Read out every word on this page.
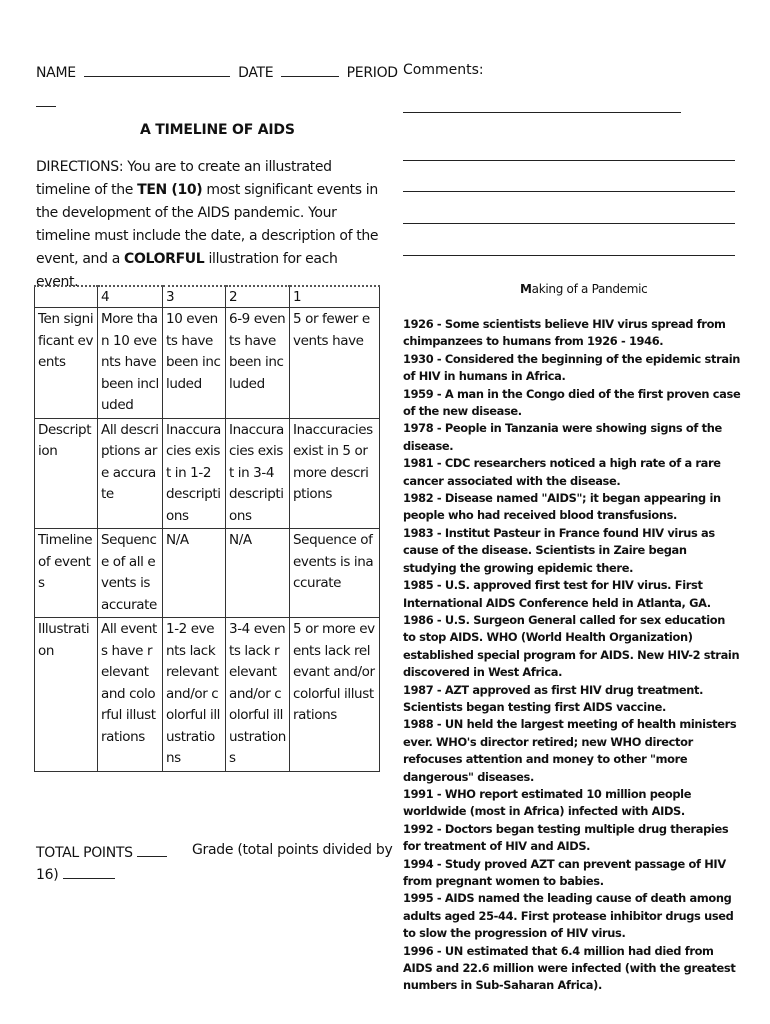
NAME	DATE	PERIOD
A TIMELINE OF AIDS
DIRECTIONS: You are to create an illustrated timeline of the TEN (10) most significant events in the development of the AIDS pandemic. Your timeline must include the date, a description of the event, and a COLORFUL illustration for each event.
	4	3	2	1
Ten significant events	More than 10 events have been included	10 events have been included	6-9 events have been included	5 or fewer events have
Description	All descriptions are accurate	Inaccuracies exist in 1-2 descriptions	Inaccuracies exist in 3-4 descriptions	Inaccuracies exist in 5 or more descriptions
Timeline of events	Sequence of all events is accurate	N/A	N/A	Sequence of events is inaccurate
Illustration	All events have relevant and colorful illustrations	1-2 events lack relevant and/or colorful illustrations	3-4 events lack relevant and/or colorful illustrations	5 or more events lack relevant and/or colorful illustrations
TOTAL POINTS
16)
Grade (total points divided by
Comments:
Making of a Pandemic

1926 - Some scientists believe HIV virus spread from chimpanzees to humans from 1926 - 1946.

1930 - Considered the beginning of the epidemic strain of HIV in humans in Africa.

1959 - A man in the Congo died of the first proven case of the new disease.

1978 - People in Tanzania were showing signs of the disease.

1981 - CDC researchers noticed a high rate of a rare cancer associated with the disease.

1982 - Disease named "AIDS"; it began appearing in people who had received blood transfusions.

1983 - Institut Pasteur in France found HIV virus as cause of the disease. Scientists in Zaire began studying the growing epidemic there.

1985 - U.S. approved first test for HIV virus. First International AIDS Conference held in Atlanta, GA.

1986 - U.S. Surgeon General called for sex education to stop AIDS. WHO (World Health Organization) established special program for AIDS. New HIV-2 strain discovered in West Africa.

1987 - AZT approved as first HIV drug treatment. Scientists began testing first AIDS vaccine.

1988 - UN held the largest meeting of health ministers ever. WHO's director retired; new WHO director refocuses attention and money to other "more dangerous" diseases.

1991 - WHO report estimated 10 million people worldwide (most in Africa) infected with AIDS.

1992 - Doctors began testing multiple drug therapies for treatment of HIV and AIDS.

1994 - Study proved AZT can prevent passage of HIV from pregnant women to babies.

1995 - AIDS named the leading cause of death among adults aged 25-44. First protease inhibitor drugs used to slow the progression of HIV virus.

1996 - UN estimated that 6.4 million had died from AIDS and 22.6 million were infected (with the greatest numbers in Sub-Saharan Africa).
